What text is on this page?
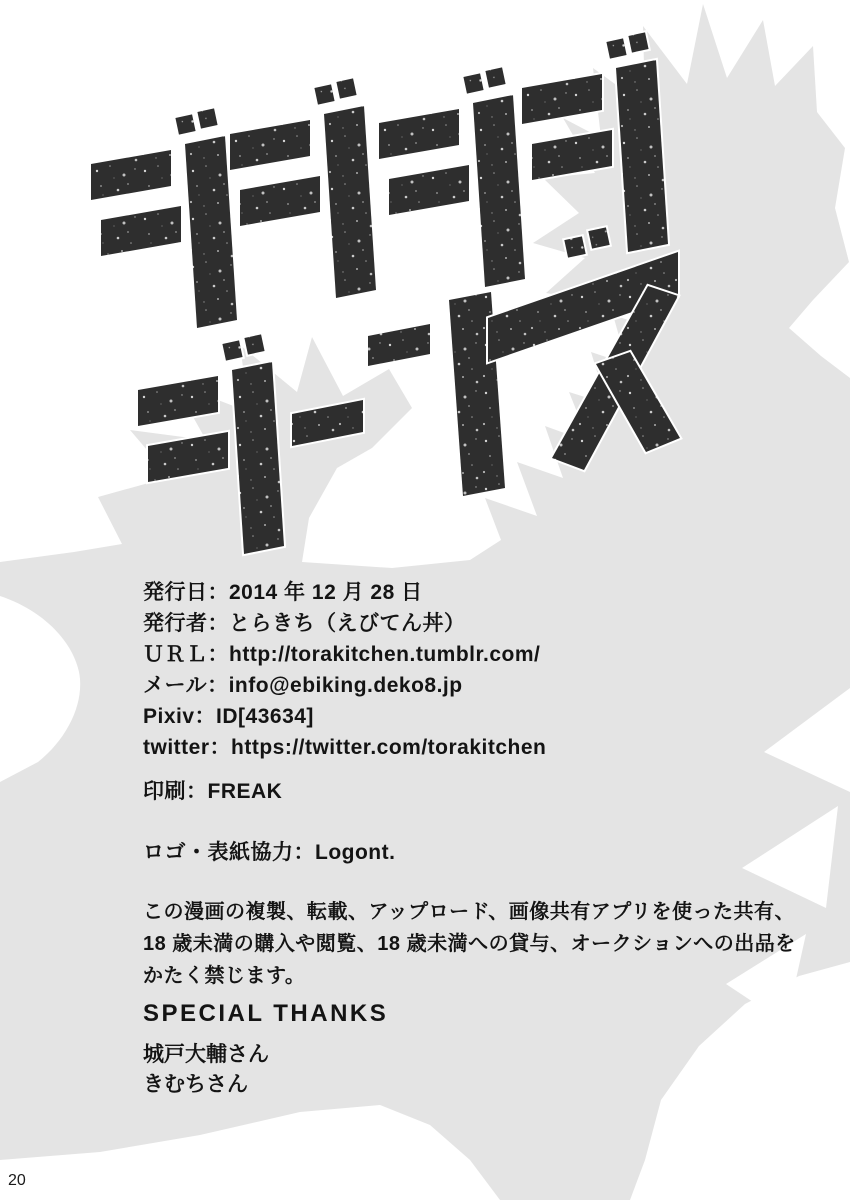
発行日：2014 年 12 月 28 日
発行者：とらきち（えびてん丼）
ＵＲＬ：http://torakitchen.tumblr.com/
メール：info@ebiking.deko8.jp
Pixiv：ID[43634]
twitter：https://twitter.com/torakitchen
印刷：FREAK
ロゴ・表紙協力：Logont.
この漫画の複製、転載、アップロード、画像共有アプリを使った共有、
18 歳未満の購入や閲覧、18 歳未満への貸与、オークションへの出品を
かたく禁じます。
SPECIAL THANKS
城戸大輔さん
きむちさん
20
